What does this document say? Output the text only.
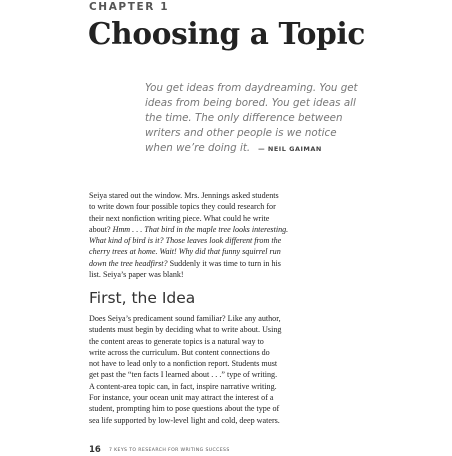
CHAPTER 1
Choosing a Topic
You get ideas from daydreaming. You get
ideas from being bored. You get ideas all
the time. The only difference between
writers and other people is we notice
when we’re doing it. — NEIL GAIMAN
Seiya stared out the window. Mrs. Jennings asked students
to write down four possible topics they could research for
their next nonfiction writing piece. What could he write
about? Hmm . . . That bird in the maple tree looks interesting.
What kind of bird is it? Those leaves look different from the
cherry trees at home. Wait! Why did that funny squirrel run
down the tree headfirst? Suddenly it was time to turn in his
list. Seiya’s paper was blank!
First, the Idea
Does Seiya’s predicament sound familiar? Like any author,
students must begin by deciding what to write about. Using
the content areas to generate topics is a natural way to
write across the curriculum. But content connections do
not have to lead only to a nonfiction report. Students must
get past the “ten facts I learned about . . .” type of writing.
A content-area topic can, in fact, inspire narrative writing.
For instance, your ocean unit may attract the interest of a
student, prompting him to pose questions about the type of
sea life supported by low-level light and cold, deep waters.
16 7 KEYS TO RESEARCH FOR WRITING SUCCESS
